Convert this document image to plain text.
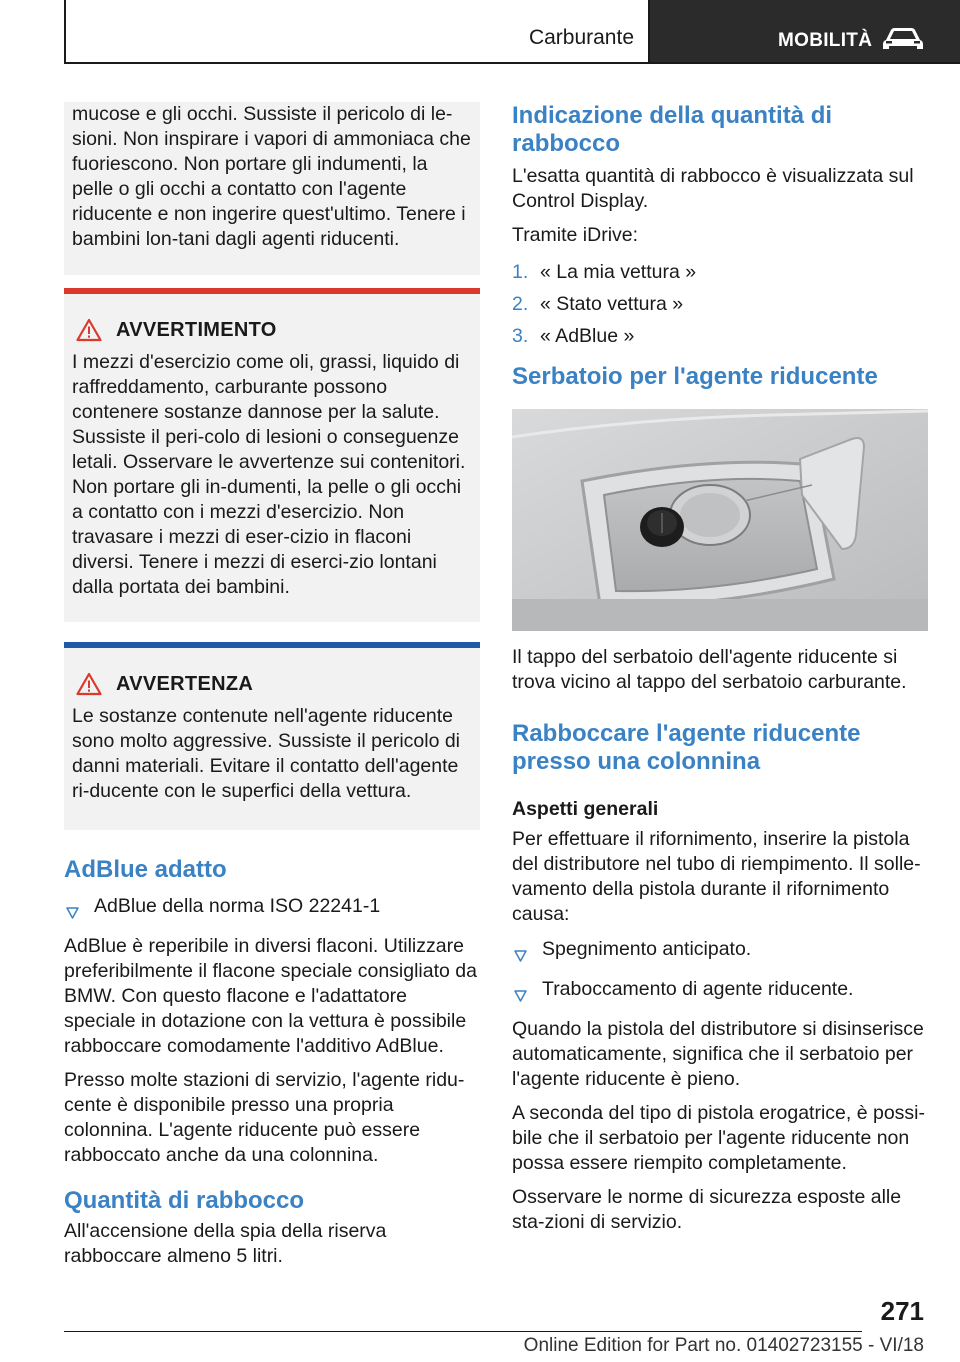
Carburante	MOBILITÀ
mucose e gli occhi. Sussiste il pericolo di le-sioni. Non inspirare i vapori di ammoniaca che fuoriescono. Non portare gli indumenti, la pelle o gli occhi a contatto con l'agente riducente e non ingerire quest'ultimo. Tenere i bambini lon-tani dagli agenti riducenti.
AVVERTIMENTO
I mezzi d'esercizio come oli, grassi, liquido di raffreddamento, carburante possono contenere sostanze dannose per la salute. Sussiste il peri-colo di lesioni o conseguenze letali. Osservare le avvertenze sui contenitori. Non portare gli in-dumenti, la pelle o gli occhi a contatto con i mezzi d'esercizio. Non travasare i mezzi di eser-cizio in flaconi diversi. Tenere i mezzi di eserci-zio lontani dalla portata dei bambini.
AVVERTENZA
Le sostanze contenute nell'agente riducente sono molto aggressive. Sussiste il pericolo di danni materiali. Evitare il contatto dell'agente ri-ducente con le superfici della vettura.
AdBlue adatto
AdBlue della norma ISO 22241-1
AdBlue è reperibile in diversi flaconi. Utilizzare preferibilmente il flacone speciale consigliato da BMW. Con questo flacone e l'adattatore speciale in dotazione con la vettura è possibile rabboccare comodamente l'additivo AdBlue.
Presso molte stazioni di servizio, l'agente ridu-cente è disponibile presso una propria colonnina. L'agente riducente può essere rabboccato anche da una colonnina.
Quantità di rabbocco
All'accensione della spia della riserva rabboccare almeno 5 litri.
Indicazione della quantità di rabbocco
L'esatta quantità di rabbocco è visualizzata sul Control Display.
Tramite iDrive:
1. « La mia vettura »
2. « Stato vettura »
3. « AdBlue »
Serbatoio per l'agente riducente
Il tappo del serbatoio dell'agente riducente si trova vicino al tappo del serbatoio carburante.
Rabboccare l'agente riducente presso una colonnina
Aspetti generali
Per effettuare il rifornimento, inserire la pistola del distributore nel tubo di riempimento. Il solle-vamento della pistola durante il rifornimento causa:
Spegnimento anticipato.
Traboccamento di agente riducente.
Quando la pistola del distributore si disinserisce automaticamente, significa che il serbatoio per l'agente riducente è pieno.
A seconda del tipo di pistola erogatrice, è possi-bile che il serbatoio per l'agente riducente non possa essere riempito completamente.
Osservare le norme di sicurezza esposte alle sta-zioni di servizio.
271
Online Edition for Part no. 01402723155 - VI/18
